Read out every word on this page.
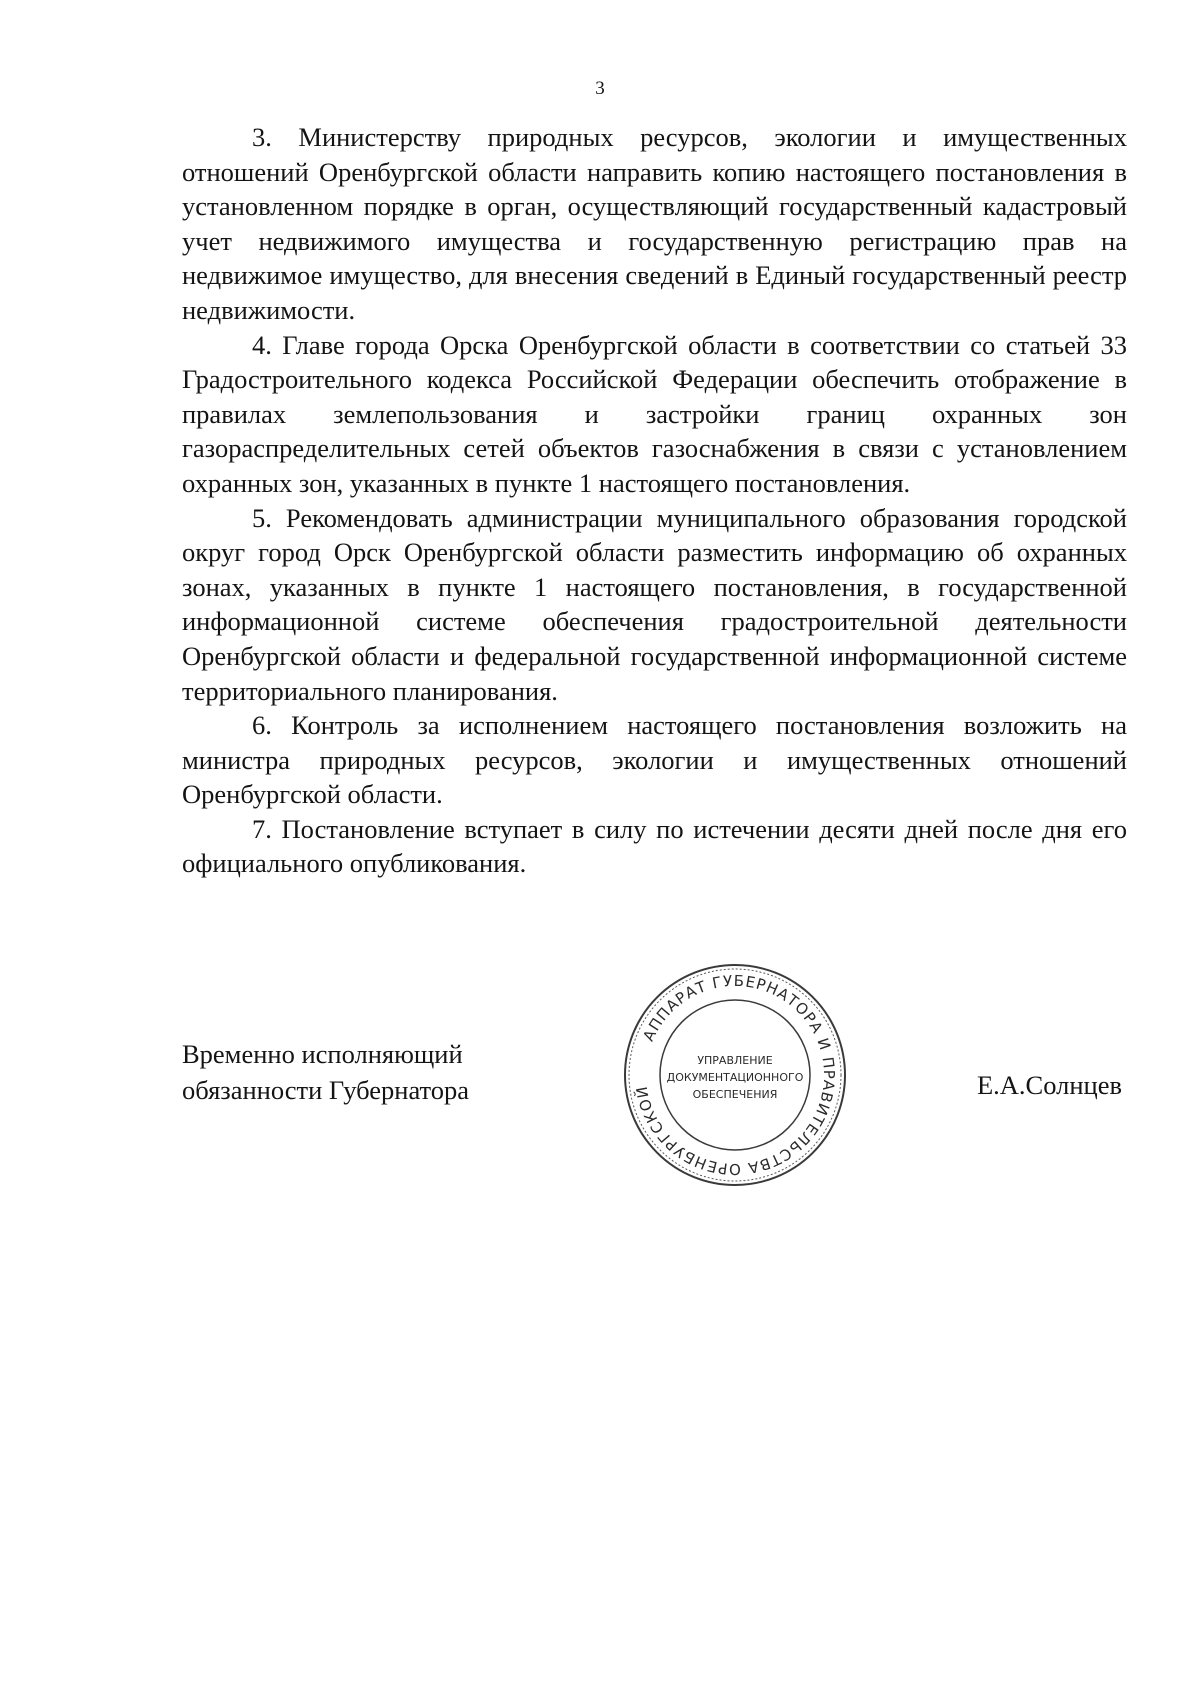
3

3. Министерству природных ресурсов, экологии и имущественных отношений Оренбургской области направить копию настоящего постановления в установленном порядке в орган, осуществляющий государственный кадастровый учет недвижимого имущества и государственную регистрацию прав на недвижимое имущество, для внесения сведений в Единый государственный реестр недвижимости.

4. Главе города Орска Оренбургской области в соответствии со статьей 33 Градостроительного кодекса Российской Федерации обеспечить отображение в правилах землепользования и застройки границ охранных зон газораспределительных сетей объектов газоснабжения в связи с установлением охранных зон, указанных в пункте 1 настоящего постановления.

5. Рекомендовать администрации муниципального образования городской округ город Орск Оренбургской области разместить информацию об охранных зонах, указанных в пункте 1 настоящего постановления, в государственной информационной системе обеспечения градостроительной деятельности Оренбургской области и федеральной государственной информационной системе территориального планирования.

6. Контроль за исполнением настоящего постановления возложить на министра природных ресурсов, экологии и имущественных отношений Оренбургской области.

7. Постановление вступает в силу по истечении десяти дней после дня его официального опубликования.

Временно исполняющий
обязанности Губернатора
АППАРАТ ГУБЕРНАТОРА И ПРАВИТЕЛЬСТВА ОРЕНБУРГСКОЙ
УПРАВЛЕНИЕ
ДОКУМЕНТАЦИОННОГО
ОБЕСПЕЧЕНИЯ	Е.А.Солнцев
